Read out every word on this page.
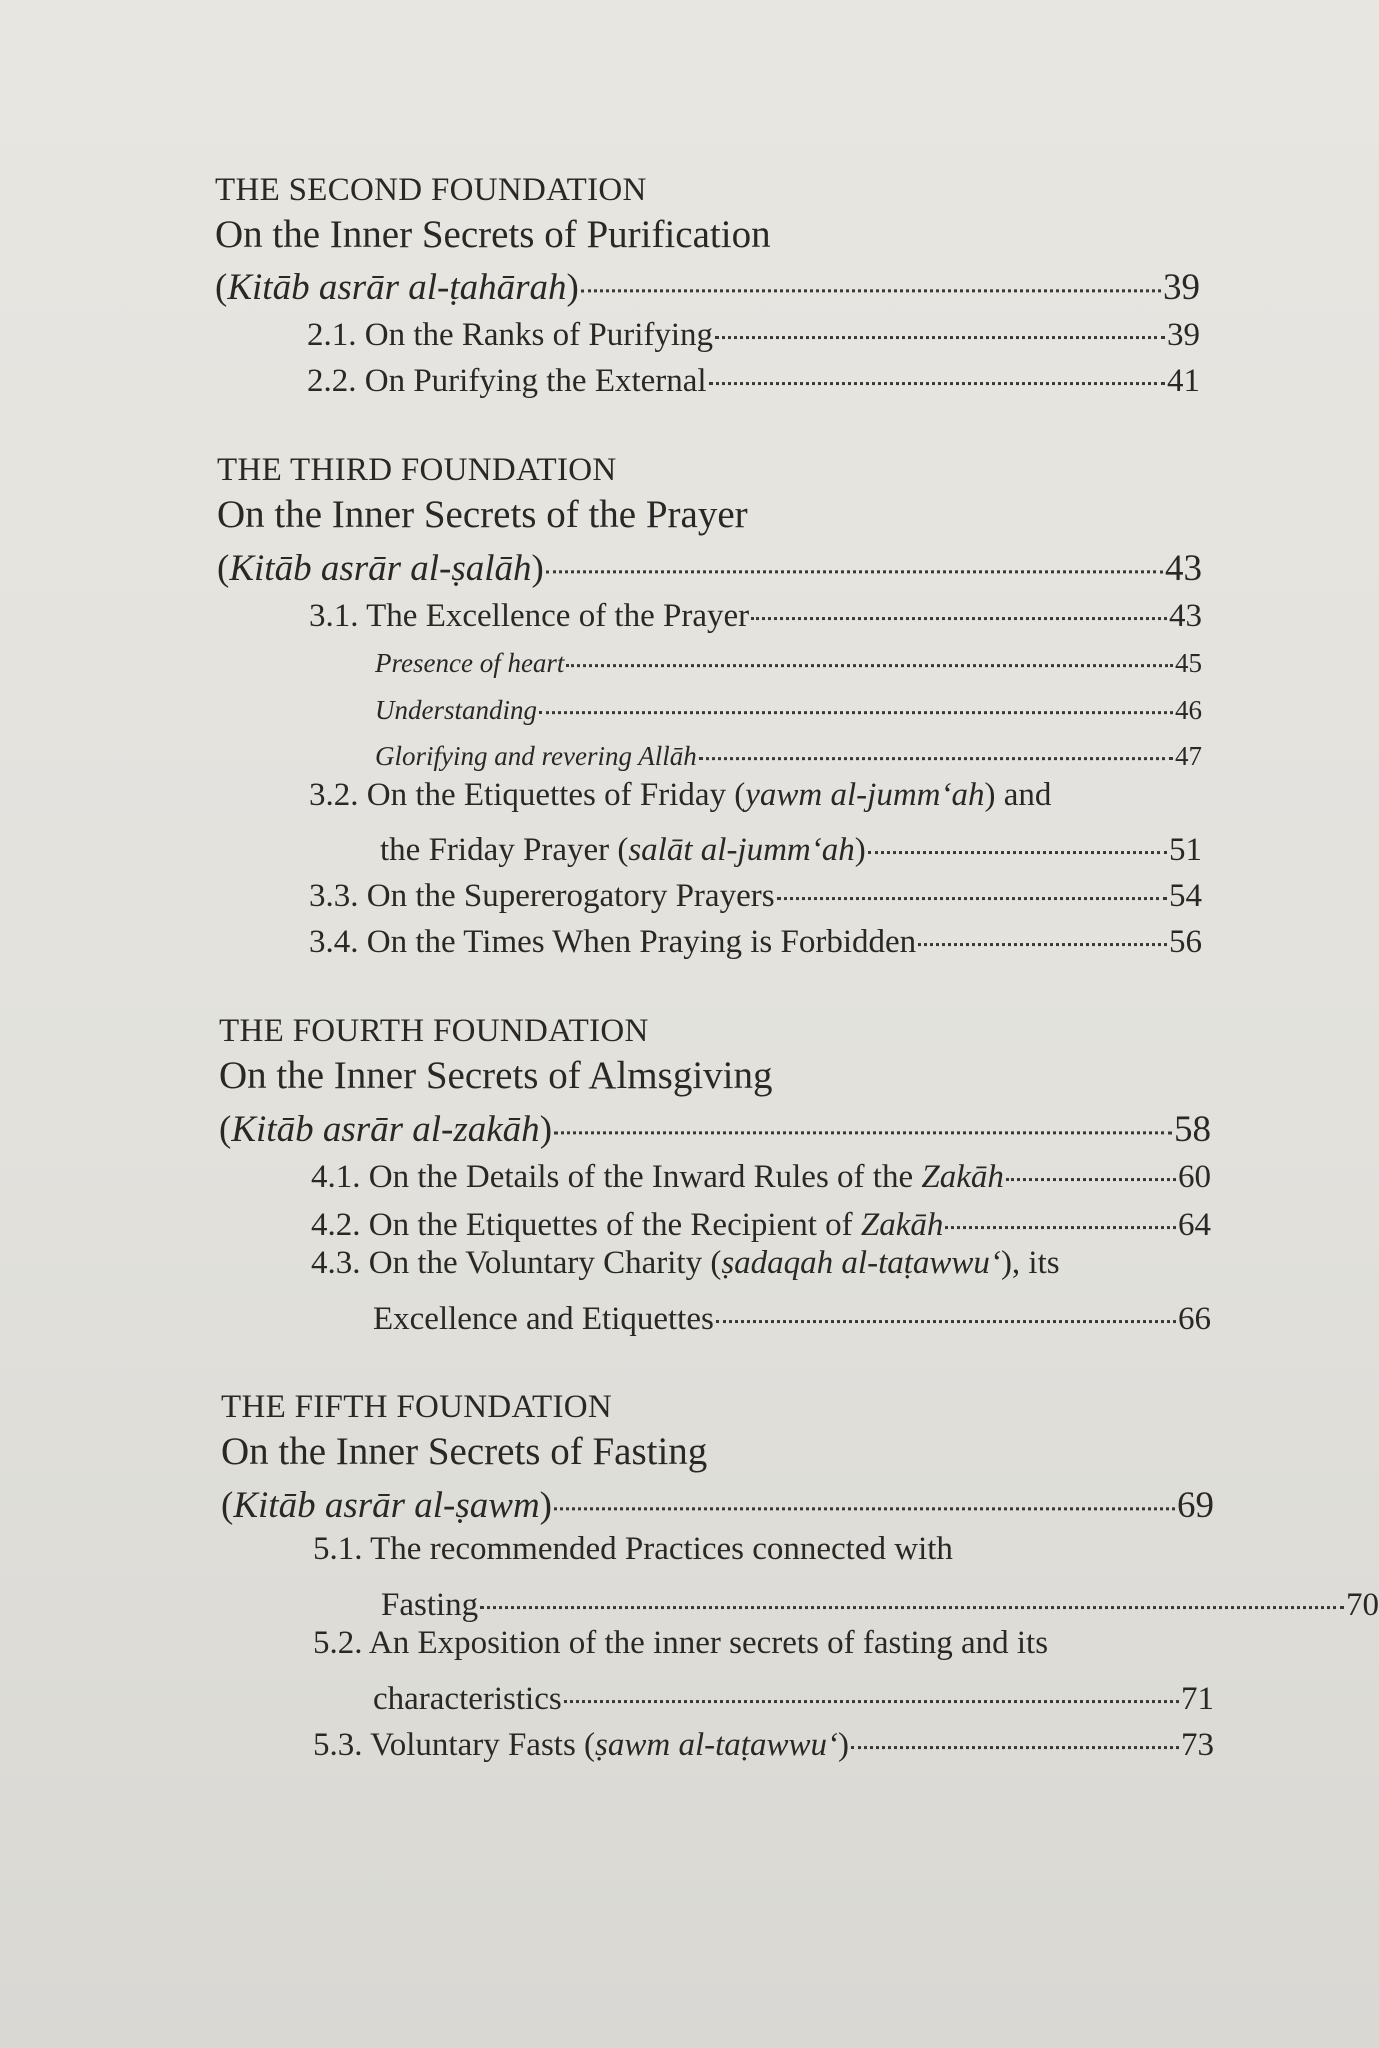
THE SECOND FOUNDATION
On the Inner Secrets of Purification
(Kitāb asrār al-ṭahārah)	39
2.1. On the Ranks of Purifying	39
2.2. On Purifying the External	41
THE THIRD FOUNDATION
On the Inner Secrets of the Prayer
(Kitāb asrār al-ṣalāh)	43
3.1. The Excellence of the Prayer	43
Presence of heart	45
Understanding	46
Glorifying and revering Allāh	47
3.2. On the Etiquettes of Friday (yawm al-jumm‘ah) and
the Friday Prayer (salāt al-jumm‘ah)	51
3.3. On the Supererogatory Prayers	54
3.4. On the Times When Praying is Forbidden	56
THE FOURTH FOUNDATION
On the Inner Secrets of Almsgiving
(Kitāb asrār al-zakāh)	58
4.1. On the Details of the Inward Rules of the Zakāh	60
4.2. On the Etiquettes of the Recipient of Zakāh	64
4.3. On the Voluntary Charity (ṣadaqah al-taṭawwu‘), its
Excellence and Etiquettes	66
THE FIFTH FOUNDATION
On the Inner Secrets of Fasting
(Kitāb asrār al-ṣawm)	69
5.1. The recommended Practices connected with
Fasting	70
5.2. An Exposition of the inner secrets of fasting and its
characteristics	71
5.3. Voluntary Fasts (ṣawm al-taṭawwu‘)	73
